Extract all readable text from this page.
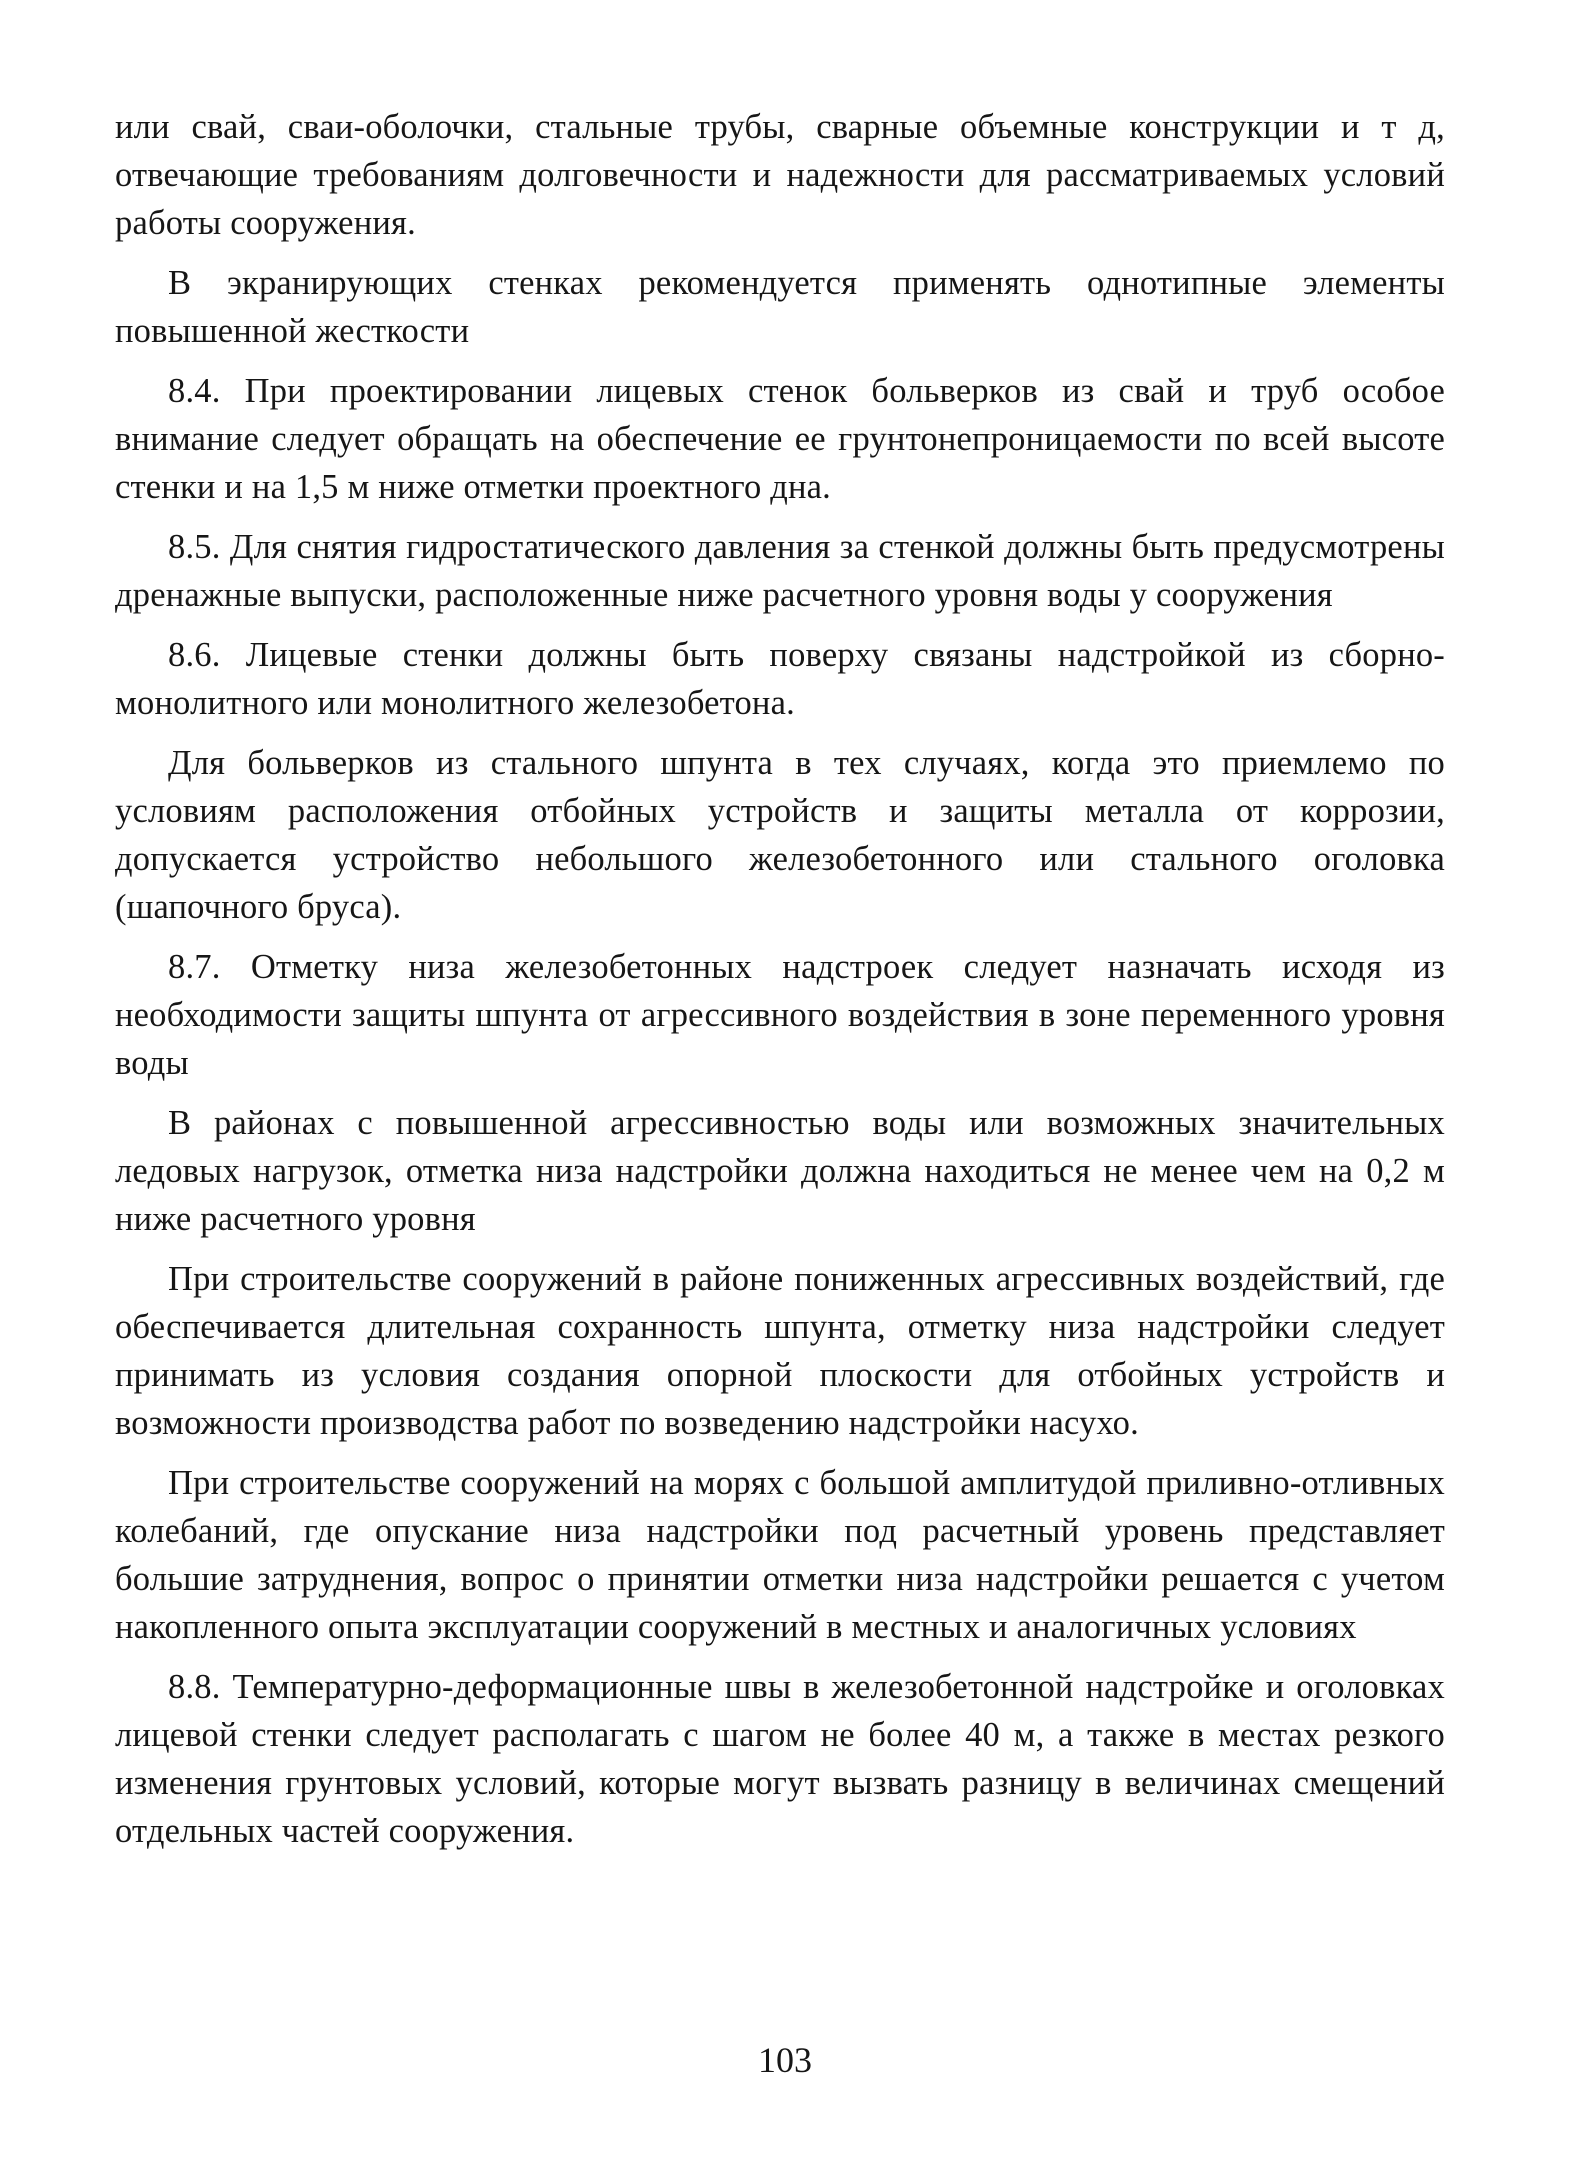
или свай, сваи-оболочки, стальные трубы, сварные объемные конструкции и т д, отвечающие требованиям долговечности и надежности для рассматриваемых условий работы сооружения.

В экранирующих стенках рекомендуется применять однотипные элементы повышенной жесткости

8.4. При проектировании лицевых стенок больверков из свай и труб особое внимание следует обращать на обеспечение ее грунтонепроницаемости по всей высоте стенки и на 1,5 м ниже отметки проектного дна.

8.5. Для снятия гидростатического давления за стенкой должны быть предусмотрены дренажные выпуски, расположенные ниже расчетного уровня воды у сооружения

8.6. Лицевые стенки должны быть поверху связаны надстройкой из сборно-монолитного или монолитного железобетона.

Для больверков из стального шпунта в тех случаях, когда это приемлемо по условиям расположения отбойных устройств и защиты металла от коррозии, допускается устройство небольшого железобетонного или стального оголовка (шапочного бруса).

8.7. Отметку низа железобетонных надстроек следует назначать исходя из необходимости защиты шпунта от агрессивного воздействия в зоне переменного уровня воды

В районах с повышенной агрессивностью воды или возможных значительных ледовых нагрузок, отметка низа надстройки должна находиться не менее чем на 0,2 м ниже расчетного уровня

При строительстве сооружений в районе пониженных агрессивных воздействий, где обеспечивается длительная сохранность шпунта, отметку низа надстройки следует принимать из условия создания опорной плоскости для отбойных устройств и возможности производства работ по возведению надстройки насухо.

При строительстве сооружений на морях с большой амплитудой приливно-отливных колебаний, где опускание низа надстройки под расчетный уровень представляет большие затруднения, вопрос о принятии отметки низа надстройки решается с учетом накопленного опыта эксплуатации сооружений в местных и аналогичных условиях

8.8. Температурно-деформационные швы в железобетонной надстройке и оголовках лицевой стенки следует располагать с шагом не более 40 м, а также в местах резкого изменения грунтовых условий, которые могут вызвать разницу в величинах смещений отдельных частей сооружения.

103
